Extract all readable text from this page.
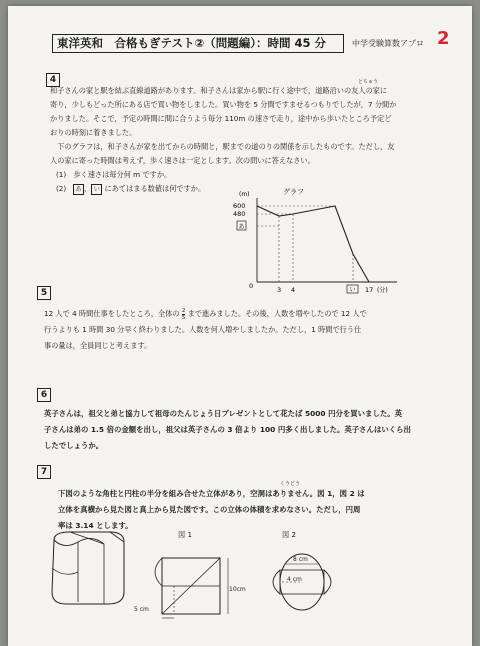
東洋英和　合格もぎテスト②（問題編）：時間 45 分	中学受験算数アプロ 2
4	とちゅう
和子さんの家と駅を結ぶ直線道路があります。和子さんは家から駅に行く途中で，道路沿いの友人の家に
寄り，少しもどった所にある店で買い物をしました。買い物を 5 分間ですませるつもりでしたが，7 分間か
かりました。そこで，予定の時間に間に合うよう毎分 110m の速さで走り，途中から歩いたところ予定ど
おりの時刻に着きました。
　下のグラフは，和子さんが家を出てからの時間と，駅までの道のりの関係を示したものです。ただし，友
人の家に寄った時間は考えず，歩く速さは一定とします。次の問いに答えなさい。
(1)　歩く速さは毎分何 m ですか。
(2) あ ， い にあてはまる数値は何ですか。	グラフ
(m)
600
480
あ
0	3 4	い 17 (分)
5
12 人で 4 時間仕事をしたところ，全体の $\frac{2}{5}$ まで進みました。その後，人数を増やしたので 12 人で
行うよりも 1 時間 30 分早く終わりました。人数を何人増やしましたか。ただし，1 時間で行う仕
事の量は，全員同じと考えます。
6
英子さんは，祖父と弟と協力して祖母のたんじょう日プレゼントとして花たば 5000 円分を買いました。英
子さんは弟の 1.5 倍の金額を出し，祖父は英子さんの 3 倍より 100 円多く出しました。英子さんはいくら出
したでしょうか。
7
くうどう
下図のような角柱と円柱の半分を組み合せた立体があり，空洞はありません。図 1，図 2 は
立体を真横から見た図と真上から見た図です。この立体の体積を求めなさい。ただし，円周
率は 3.14 とします。
図 1
10cm
5 cm
図 2
8 cm
4 cm
